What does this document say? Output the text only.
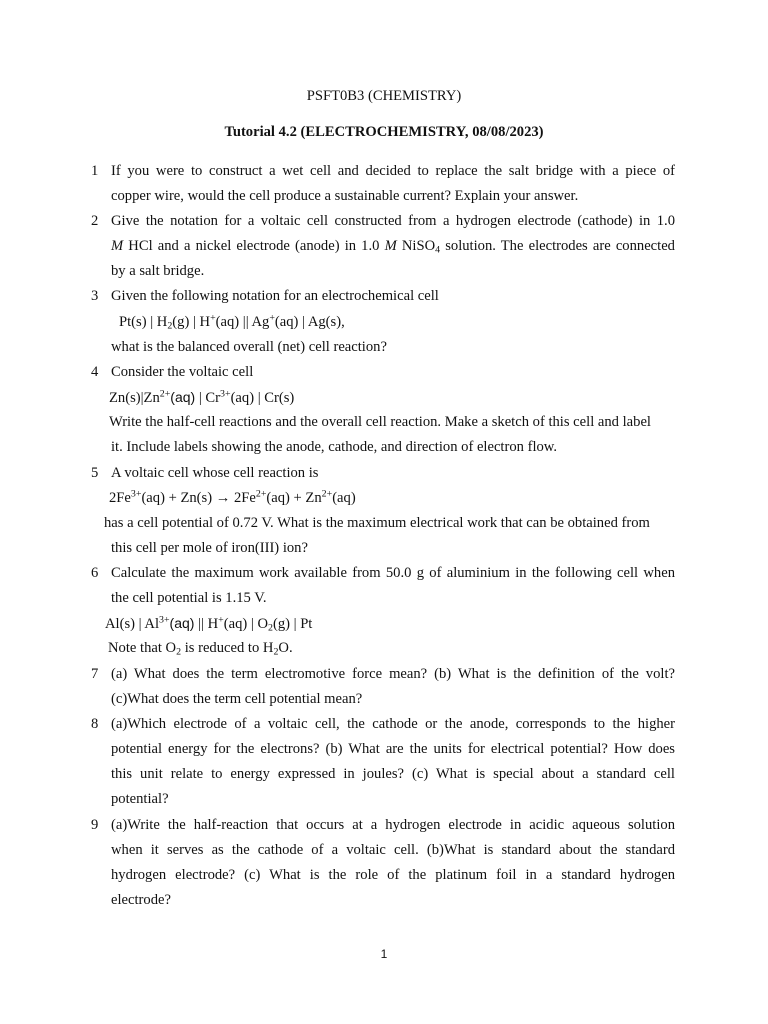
PSFT0B3 (CHEMISTRY)
Tutorial 4.2 (ELECTROCHEMISTRY, 08/08/2023)
1 If you were to construct a wet cell and decided to replace the salt bridge with a piece of
copper wire, would the cell produce a sustainable current? Explain your answer.
2 Give the notation for a voltaic cell constructed from a hydrogen electrode (cathode) in 1.0
M HCl and a nickel electrode (anode) in 1.0 M NiSO$_4$ solution. The electrodes are connected
by a salt bridge.
3 Given the following notation for an electrochemical cell
Pt(s) | $H_2(g)$ | H+(aq) || Ag+(aq) | Ag(s),
what is the balanced overall (net) cell reaction?
4 Consider the voltaic cell
$Zn(s)|Zn^{2+}(aq)$ | $Cr^{3+}(aq)$ | Cr(s)
Write the half-cell reactions and the overall cell reaction. Make a sketch of this cell and label
it. Include labels showing the anode, cathode, and direction of electron flow.
5 A voltaic cell whose cell reaction is
$2Fe^{3+}(aq) + Zn(s) \to 2Fe^{2+}(aq) + Zn^{2+}(aq)$
has a cell potential of 0.72 V. What is the maximum electrical work that can be obtained from
this cell per mole of iron(III) ion?
6 Calculate the maximum work available from 50.0 g of aluminium in the following cell when
the cell potential is 1.15 V.
Al(s) | $Al^{3+}(aq)$ || H+(aq) | $O_2(g)$ | Pt
Note that $O_2$ is reduced to $H_2O$.
7 (a) What does the term electromotive force mean? (b) What is the definition of the volt?
(c)What does the term cell potential mean?
8 (a)Which electrode of a voltaic cell, the cathode or the anode, corresponds to the higher
potential energy for the electrons? (b) What are the units for electrical potential? How does
this unit relate to energy expressed in joules? (c) What is special about a standard cell
potential?
9 (a)Write the half-reaction that occurs at a hydrogen electrode in acidic aqueous solution
when it serves as the cathode of a voltaic cell. (b)What is standard about the standard
hydrogen electrode? (c) What is the role of the platinum foil in a standard hydrogen
electrode?
1
